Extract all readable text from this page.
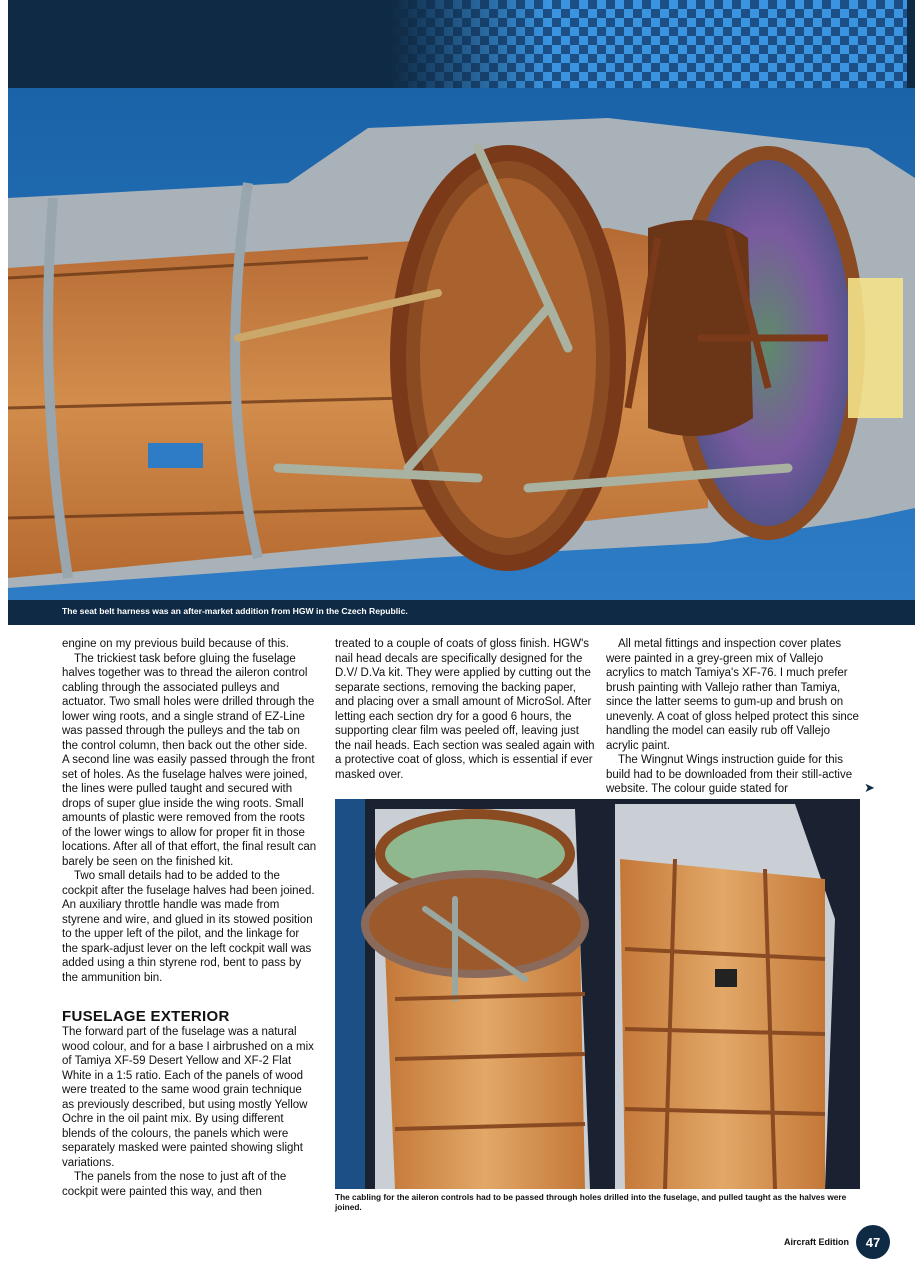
The seat belt harness was an after-market addition from HGW in the Czech Republic.

engine on my previous build because of this.

The trickiest task before gluing the fuselage halves together was to thread the aileron control cabling through the associated pulleys and actuator. Two small holes were drilled through the lower wing roots, and a single strand of EZ-Line was passed through the pulleys and the tab on the control column, then back out the other side. A second line was easily passed through the front set of holes. As the fuselage halves were joined, the lines were pulled taught and secured with drops of super glue inside the wing roots. Small amounts of plastic were removed from the roots of the lower wings to allow for proper fit in those locations. After all of that effort, the final result can barely be seen on the finished kit.

Two small details had to be added to the cockpit after the fuselage halves had been joined. An auxiliary throttle handle was made from styrene and wire, and glued in its stowed position to the upper left of the pilot, and the linkage for the spark-adjust lever on the left cockpit wall was added using a thin styrene rod, bent to pass by the ammunition bin.

FUSELAGE EXTERIOR

The forward part of the fuselage was a natural wood colour, and for a base I airbrushed on a mix of Tamiya XF-59 Desert Yellow and XF-2 Flat White in a 1:5 ratio. Each of the panels of wood were treated to the same wood grain technique as previously described, but using mostly Yellow Ochre in the oil paint mix. By using different blends of the colours, the panels which were separately masked were painted showing slight variations.

The panels from the nose to just aft of the cockpit were painted this way, and then

treated to a couple of coats of gloss finish. HGW's nail head decals are specifically designed for the D.V/ D.Va kit. They were applied by cutting out the separate sections, removing the backing paper, and placing over a small amount of MicroSol. After letting each section dry for a good 6 hours, the supporting clear film was peeled off, leaving just the nail heads. Each section was sealed again with a protective coat of gloss, which is essential if ever masked over.

All metal fittings and inspection cover plates were painted in a grey-green mix of Vallejo acrylics to match Tamiya's XF-76. I much prefer brush painting with Vallejo rather than Tamiya, since the latter seems to gum-up and brush on unevenly. A coat of gloss helped protect this since handling the model can easily rub off Vallejo acrylic paint.

The Wingnut Wings instruction guide for this build had to be downloaded from their still-active website. The colour guide stated for	➤
The cabling for the aileron controls had to be passed through holes drilled into the fuselage, and pulled taught as the halves were joined.
Aircraft Edition	47
